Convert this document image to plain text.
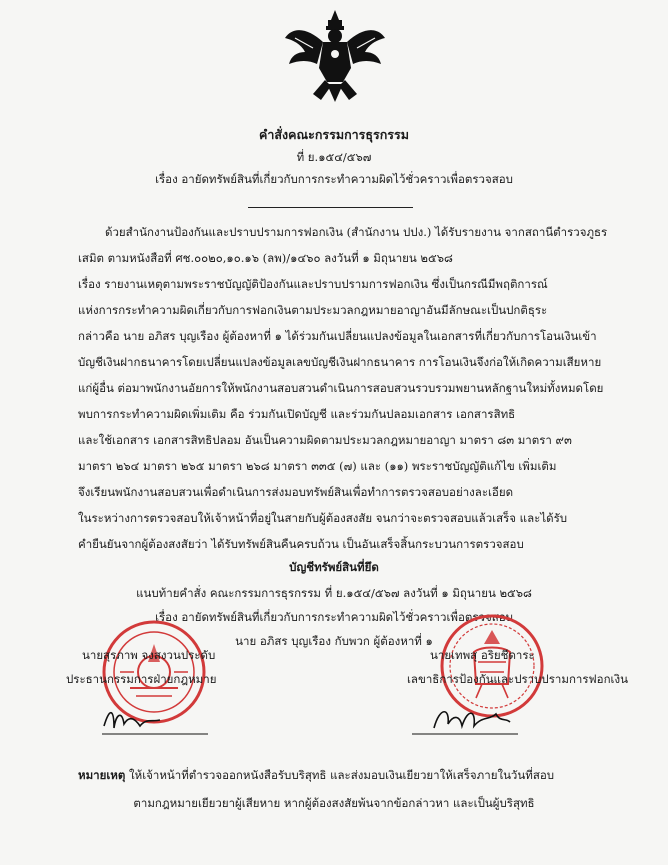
คำสั่งคณะกรรมการธุรกรรม
ที่ ย.๑๕๔/๕๖๗
เรื่อง อายัดทรัพย์สินที่เกี่ยวกับการกระทำความผิดไว้ชั่วคราวเพื่อตรวจสอบ
ด้วยสำนักงานป้องกันและปราบปรามการฟอกเงิน (สำนักงาน ปปง.) ได้รับรายงาน จากสถานีตำรวจภูธร
เสมิต ตามหนังสือที่ ศช.๐๐๒๐,๑๐.๑๖ (ลพ)/๑๔๖๐ ลงวันที่ ๑ มิถุนายน ๒๕๖๘
เรื่อง รายงานเหตุตามพระราชบัญญัติป้องกันและปราบปรามการฟอกเงิน ซึ่งเป็นกรณีมีพฤติการณ์
แห่งการกระทำความผิดเกี่ยวกับการฟอกเงินตามประมวลกฎหมายอาญาอันมีลักษณะเป็นปกติธุระ
กล่าวคือ นาย อภิสร บุญเรือง ผู้ต้องหาที่ ๑ ได้ร่วมกันเปลี่ยนแปลงข้อมูลในเอกสารที่เกี่ยวกับการโอนเงินเข้า
บัญชีเงินฝากธนาคารโดยเปลี่ยนแปลงข้อมูลเลขบัญชีเงินฝากธนาคาร การโอนเงินจึงก่อให้เกิดความเสียหาย
แก่ผู้อื่น ต่อมาพนักงานอัยการให้พนักงานสอบสวนดำเนินการสอบสวนรวบรวมพยานหลักฐานใหม่ทั้งหมดโดย
พบการกระทำความผิดเพิ่มเติม คือ ร่วมกันเปิดบัญชี และร่วมกันปลอมเอกสาร เอกสารสิทธิ
และใช้เอกสาร เอกสารสิทธิปลอม อันเป็นความผิดตามประมวลกฎหมายอาญา มาตรา ๘๓ มาตรา ๙๓
มาตรา ๒๖๔ มาตรา ๒๖๕ มาตรา ๒๖๘ มาตรา ๓๓๕ (๗) และ (๑๑) พระราชบัญญัติแก้ไข เพิ่มเติม
จึงเรียนพนักงานสอบสวนเพื่อดำเนินการส่งมอบทรัพย์สินเพื่อทำการตรวจสอบอย่างละเอียด
ในระหว่างการตรวจสอบให้เจ้าหน้าที่อยู่ในสายกับผู้ต้องสงสัย จนกว่าจะตรวจสอบแล้วเสร็จ และได้รับ
คำยืนยันจากผู้ต้องสงสัยว่า ได้รับทรัพย์สินคืนครบถ้วน เป็นอันเสร็จสิ้นกระบวนการตรวจสอบ
บัญชีทรัพย์สินที่ยึด
แนบท้ายคำสั่ง คณะกรรมการธุรกรรม ที่ ย.๑๕๔/๕๖๗ ลงวันที่ ๑ มิถุนายน ๒๕๖๘
เรื่อง อายัดทรัพย์สินที่เกี่ยวกับการกระทำความผิดไว้ชั่วคราวเพื่อตรวจสอบ
นาย อภิสร บุญเรือง กับพวก ผู้ต้องหาที่ ๑
นายสุรภาพ จงสงวนประดับ
ประธานกรรมการฝ่ายกฎหมาย
นายเทพสุ อริยชีดาระ
เลขาธิการป้องกันและปราบปรามการฟอกเงิน
หมายเหตุ ให้เจ้าหน้าที่ตำรวจออกหนังสือรับบริสุทธิ และส่งมอบเงินเยียวยาให้เสร็จภายในวันที่สอบ
ตามกฎหมายเยียวยาผู้เสียหาย หากผู้ต้องสงสัยพ้นจากข้อกล่าวหา และเป็นผู้บริสุทธิ
